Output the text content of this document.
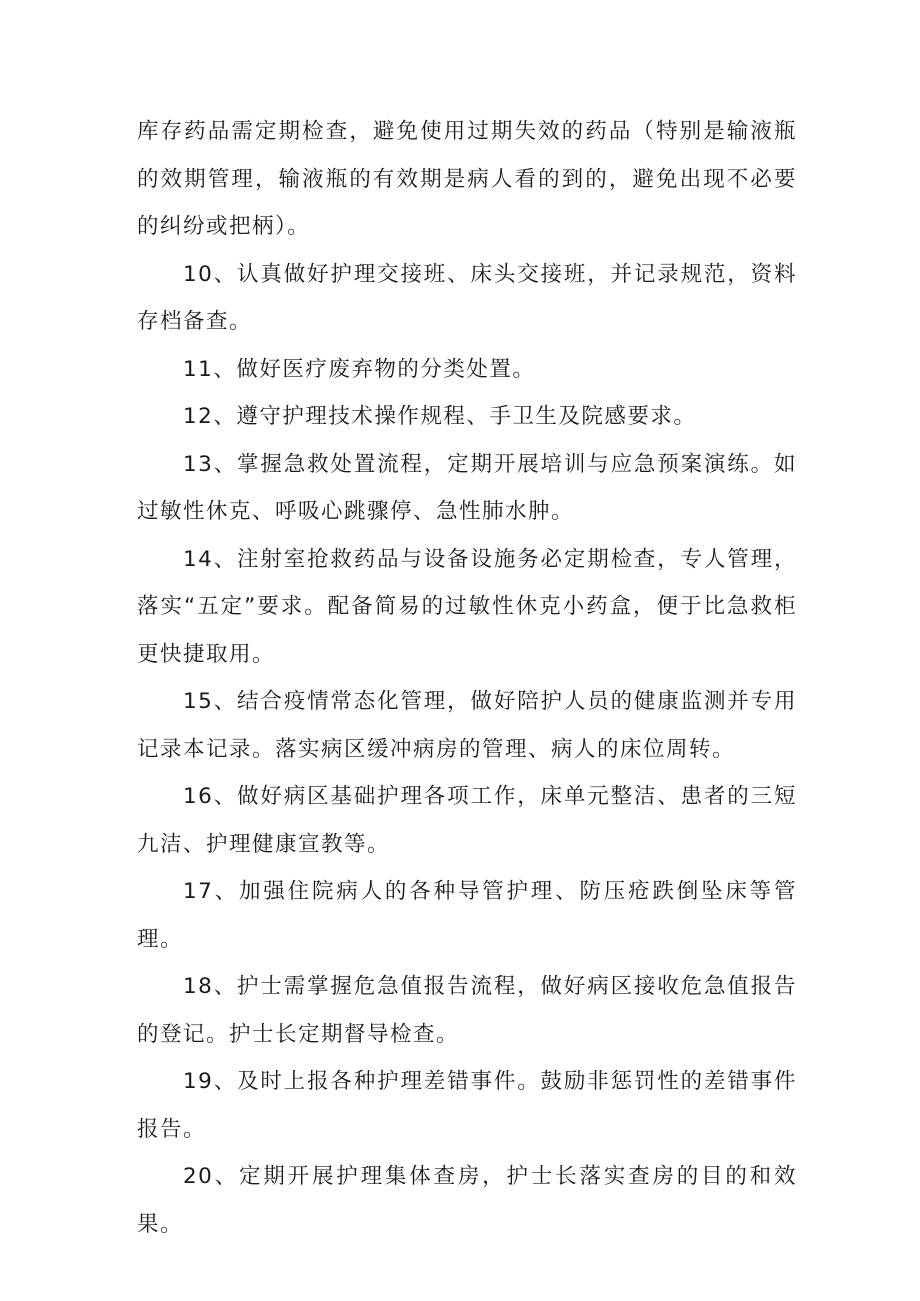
库存药品需定期检查，避免使用过期失效的药品（特别是输液瓶的效期管理，输液瓶的有效期是病人看的到的，避免出现不必要的纠纷或把柄）。

10、认真做好护理交接班、床头交接班，并记录规范，资料存档备查。

11、做好医疗废弃物的分类处置。

12、遵守护理技术操作规程、手卫生及院感要求。

13、掌握急救处置流程，定期开展培训与应急预案演练。如过敏性休克、呼吸心跳骤停、急性肺水肿。

14、注射室抢救药品与设备设施务必定期检查，专人管理，落实“五定”要求。配备简易的过敏性休克小药盒，便于比急救柜更快捷取用。

15、结合疫情常态化管理，做好陪护人员的健康监测并专用记录本记录。落实病区缓冲病房的管理、病人的床位周转。

16、做好病区基础护理各项工作，床单元整洁、患者的三短九洁、护理健康宣教等。

17、加强住院病人的各种导管护理、防压疮跌倒坠床等管理。

18、护士需掌握危急值报告流程，做好病区接收危急值报告的登记。护士长定期督导检查。

19、及时上报各种护理差错事件。鼓励非惩罚性的差错事件报告。

20、定期开展护理集体查房，护士长落实查房的目的和效果。
